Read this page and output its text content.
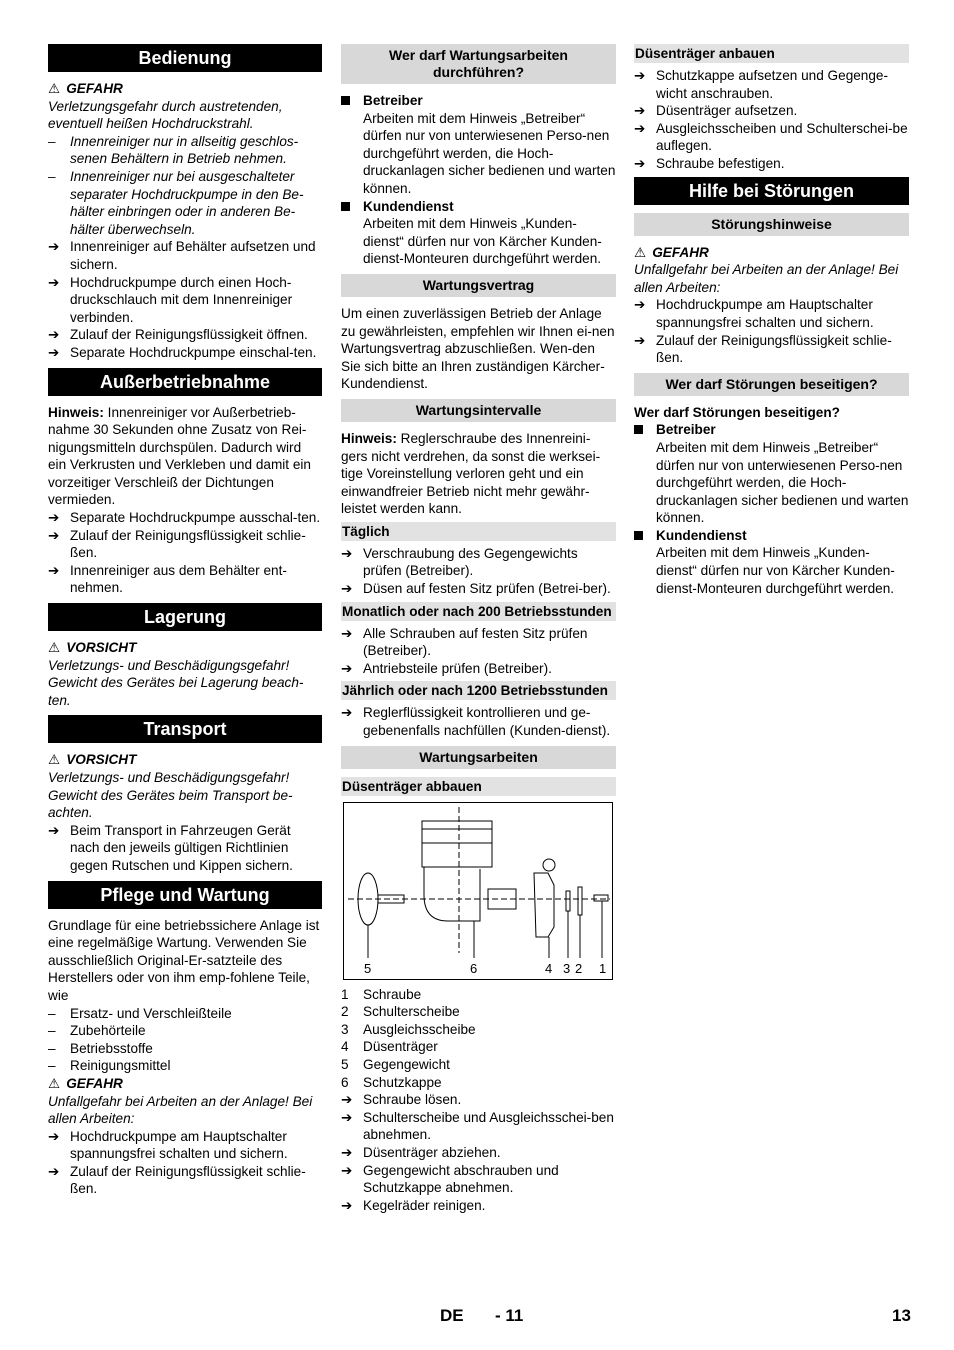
Bedienung
⚠ GEFAHR
Verletzungsgefahr durch austretenden, eventuell heißen Hochdruckstrahl.
–	Innenreiniger nur in allseitig geschlos-senen Behältern in Betrieb nehmen.
–	Innenreiniger nur bei ausgeschalteter separater Hochdruckpumpe in den Be-hälter einbringen oder in anderen Be-hälter überwechseln.
➔ Innenreiniger auf Behälter aufsetzen und sichern.
➔ Hochdruckpumpe durch einen Hoch-druckschlauch mit dem Innenreiniger verbinden.
➔ Zulauf der Reinigungsflüssigkeit öffnen.
➔ Separate Hochdruckpumpe einschal-ten.
Außerbetriebnahme
Hinweis: Innenreiniger vor Außerbetrieb-nahme 30 Sekunden ohne Zusatz von Rei-nigungsmitteln durchspülen. Dadurch wird ein Verkrusten und Verkleben und damit ein vorzeitiger Verschleiß der Dichtungen vermieden.
➔ Separate Hochdruckpumpe ausschal-ten.
➔ Zulauf der Reinigungsflüssigkeit schlie-ßen.
➔ Innenreiniger aus dem Behälter ent-nehmen.
Lagerung
⚠ VORSICHT
Verletzungs- und Beschädigungsgefahr! Gewicht des Gerätes bei Lagerung beach-ten.
Transport
⚠ VORSICHT
Verletzungs- und Beschädigungsgefahr! Gewicht des Gerätes beim Transport be-achten.
➔ Beim Transport in Fahrzeugen Gerät nach den jeweils gültigen Richtlinien gegen Rutschen und Kippen sichern.
Pflege und Wartung
Grundlage für eine betriebssichere Anlage ist eine regelmäßige Wartung. Verwenden Sie ausschließlich Original-Er-satzteile des Herstellers oder von ihm emp-fohlene Teile, wie
–	Ersatz- und Verschleißteile
–	Zubehörteile
–	Betriebsstoffe
–	Reinigungsmittel
⚠ GEFAHR
Unfallgefahr bei Arbeiten an der Anlage! Bei allen Arbeiten:
➔ Hochdruckpumpe am Hauptschalter spannungsfrei schalten und sichern.
➔ Zulauf der Reinigungsflüssigkeit schlie-ßen.
Wer darf Wartungsarbeiten durchführen?
Betreiber
Arbeiten mit dem Hinweis „Betreiber“ dürfen nur von unterwiesenen Perso-nen durchgeführt werden, die Hoch-druckanlagen sicher bedienen und warten können.
Kundendienst
Arbeiten mit dem Hinweis „Kunden-dienst“ dürfen nur von Kärcher Kunden-dienst-Monteuren durchgeführt werden.
Wartungsvertrag
Um einen zuverlässigen Betrieb der Anlage zu gewährleisten, empfehlen wir Ihnen ei-nen Wartungsvertrag abzuschließen. Wen-den Sie sich bitte an Ihren zuständigen Kärcher-Kundendienst.
Wartungsintervalle
Hinweis: Reglerschraube des Innenreini-gers nicht verdrehen, da sonst die werksei-tige Voreinstellung verloren geht und ein einwandfreier Betrieb nicht mehr gewähr-leistet werden kann.
Täglich
➔ Verschraubung des Gegengewichts prüfen (Betreiber).
➔ Düsen auf festen Sitz prüfen (Betrei-ber).
Monatlich oder nach 200 Betriebsstunden
➔ Alle Schrauben auf festen Sitz prüfen (Betreiber).
➔ Antriebsteile prüfen (Betreiber).
Jährlich oder nach 1200 Betriebsstunden
➔ Reglerflüssigkeit kontrollieren und ge-gebenenfalls nachfüllen (Kunden-dienst).
Wartungsarbeiten
Düsenträger abbauen
5	6	4 3 2 1
1	Schraube
2	Schulterscheibe
3	Ausgleichsscheibe
4	Düsenträger
5	Gegengewicht
6	Schutzkappe
➔ Schraube lösen.
➔ Schulterscheibe und Ausgleichsschei-ben abnehmen.
➔ Düsenträger abziehen.
➔ Gegengewicht abschrauben und Schutzkappe abnehmen.
➔ Kegelräder reinigen.
Düsenträger anbauen
➔ Schutzkappe aufsetzen und Gegenge-wicht anschrauben.
➔ Düsenträger aufsetzen.
➔ Ausgleichsscheiben und Schulterschei-be auflegen.
➔ Schraube befestigen.
Hilfe bei Störungen
Störungshinweise
⚠ GEFAHR
Unfallgefahr bei Arbeiten an der Anlage! Bei allen Arbeiten:
➔ Hochdruckpumpe am Hauptschalter spannungsfrei schalten und sichern.
➔ Zulauf der Reinigungsflüssigkeit schlie-ßen.
Wer darf Störungen beseitigen?
Wer darf Störungen beseitigen?
Betreiber
Arbeiten mit dem Hinweis „Betreiber“ dürfen nur von unterwiesenen Perso-nen durchgeführt werden, die Hoch-druckanlagen sicher bedienen und warten können.
Kundendienst
Arbeiten mit dem Hinweis „Kunden-dienst“ dürfen nur von Kärcher Kunden-dienst-Monteuren durchgeführt werden.
DE - 11	13
